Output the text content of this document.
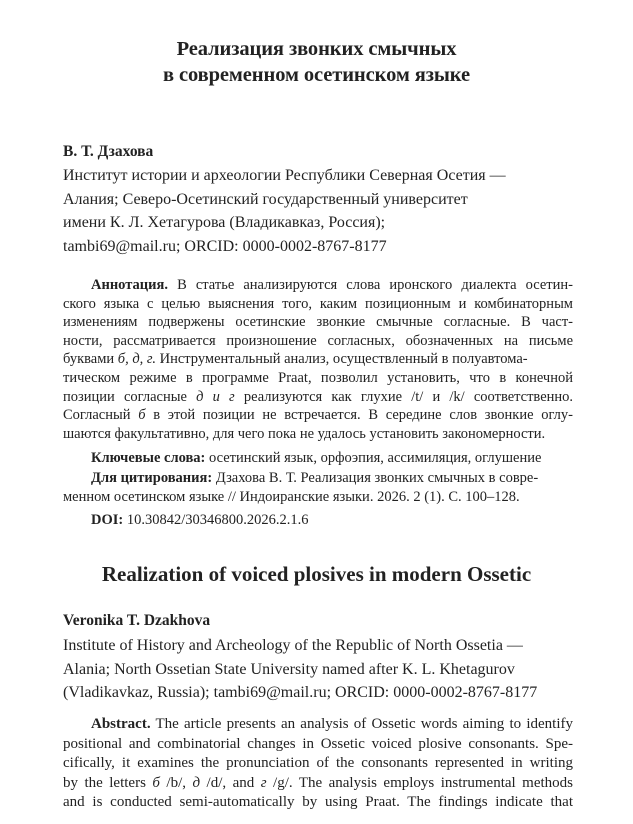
Реализация звонких смычных
в современном осетинском языке
В. Т. Дзахова
Институт истории и археологии Республики Северная Осетия —
Алания; Северо-Осетинский государственный университет
имени К. Л. Хетагурова (Владикавказ, Россия);
tambi69@mail.ru; ORCID: 0000-0002-8767-8177
Аннотация. В статье анализируются слова иронского диалекта осетин-
ского языка с целью выяснения того, каким позиционным и комбинаторным
изменениям подвержены осетинские звонкие смычные согласные. В част-
ности, рассматривается произношение согласных, обозначенных на письме
буквами б, д, г. Инструментальный анализ, осуществленный в полуавтома-
тическом режиме в программе Praat, позволил установить, что в конечной
позиции согласные д и г реализуются как глухие /t/ и /k/ соответственно.
Согласный б в этой позиции не встречается. В середине слов звонкие оглу-
шаются факультативно, для чего пока не удалось установить закономерности.
Ключевые слова: осетинский язык, орфоэпия, ассимиляция, оглушение
Для цитирования: Дзахова В. Т. Реализация звонких смычных в совре-
менном осетинском языке // Индоиранские языки. 2026. 2 (1). С. 100–128.
DOI: 10.30842/30346800.2026.2.1.6
Realization of voiced plosives in modern Ossetic
Veronika T. Dzakhova
Institute of History and Archeology of the Republic of North Ossetia —
Alania; North Ossetian State University named after K. L. Khetagurov
(Vladikavkaz, Russia); tambi69@mail.ru; ORCID: 0000-0002-8767-8177
Abstract. The article presents an analysis of Ossetic words aiming to identify
positional and combinatorial changes in Ossetic voiced plosive consonants. Spe-
cifically, it examines the pronunciation of the consonants represented in writing
by the letters б /b/, д /d/, and г /g/. The analysis employs instrumental methods
and is conducted semi-automatically by using Praat. The findings indicate that
